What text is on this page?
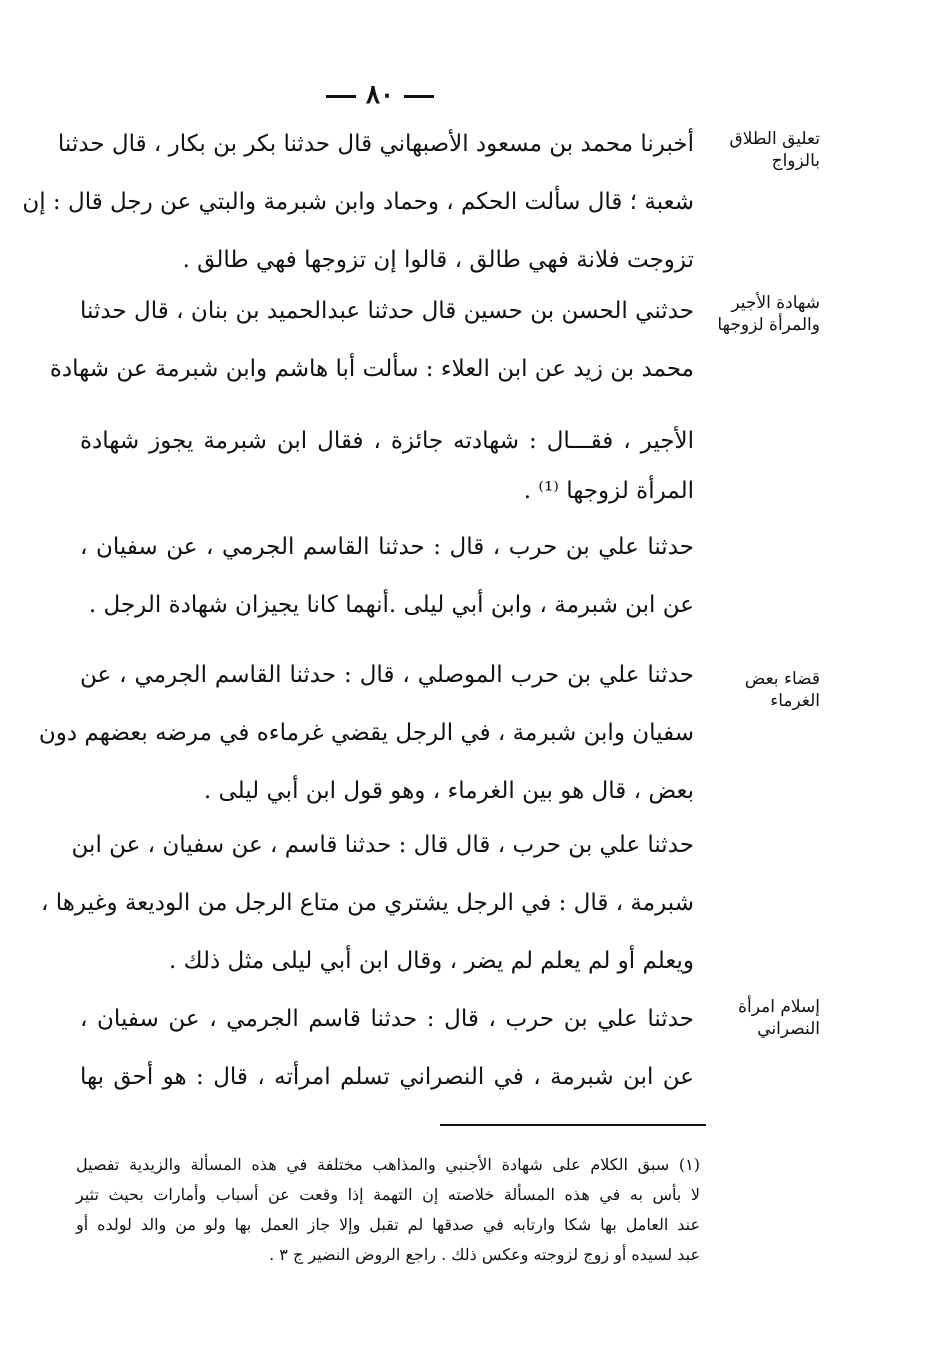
٨٠
تعليق الطلاق
بالزواج
شهادة الأجير
والمرأة لزوجها
قضاء بعض
الغرماء
إسلام امرأة
النصراني
أخبرنا محمد بن مسعود الأصبهاني قال حدثنا بكر بن بكار ، قال حدثنا
شعبة ؛ قال سألت الحكم ، وحماد وابن شبرمة والبتي عن رجل قال : إن
تزوجت فلانة فهي طالق ، قالوا إن تزوجها فهي طالق .
حدثني الحسن بن حسين قال حدثنا عبدالحميد بن بنان ، قال حدثنا
محمد بن زيد عن ابن العلاء : سألت أبا هاشم وابن شبرمة عن شهادة
الأجير ، فقـــال : شهادته جائزة ، فقال ابن شبرمة يجوز شهادة
المرأة لزوجها ⁽¹⁾ .
حدثنا علي بن حرب ، قال : حدثنا القاسم الجرمي ، عن سفيان ،
عن ابن شبرمة ، وابن أبي ليلى .أنهما كانا يجيزان شهادة الرجل .
حدثنا علي بن حرب الموصلي ، قال : حدثنا القاسم الجرمي ، عن
سفيان وابن شبرمة ، في الرجل يقضي غرماءه في مرضه بعضهم دون
بعض ، قال هو بين الغرماء ، وهو قول ابن أبي ليلى .
حدثنا علي بن حرب ، قال قال : حدثنا قاسم ، عن سفيان ، عن ابن
شبرمة ، قال : في الرجل يشتري من متاع الرجل من الوديعة وغيرها ،
ويعلم أو لم يعلم لم يضر ، وقال ابن أبي ليلى مثل ذلك .
حدثنا علي بن حرب ، قال : حدثنا قاسم الجرمي ، عن سفيان ،
عن ابن شبرمة ، في النصراني تسلم امرأته ، قال : هو أحق بها
(١) سبق الكلام على شهادة الأجنبي والمذاهب مختلفة في هذه المسألة والزيدية تفصيل
لا بأس به في هذه المسألة خلاصته إن التهمة إذا وقعت عن أسباب وأمارات بحيث تثير
عند العامل بها شكا وارتابه في صدقها لم تقبل وإلا جاز العمل بها ولو من والد لولده أو
عبد لسيده أو زوج لزوجته وعكس ذلك . راجع الروض النضير ج ٣ .
